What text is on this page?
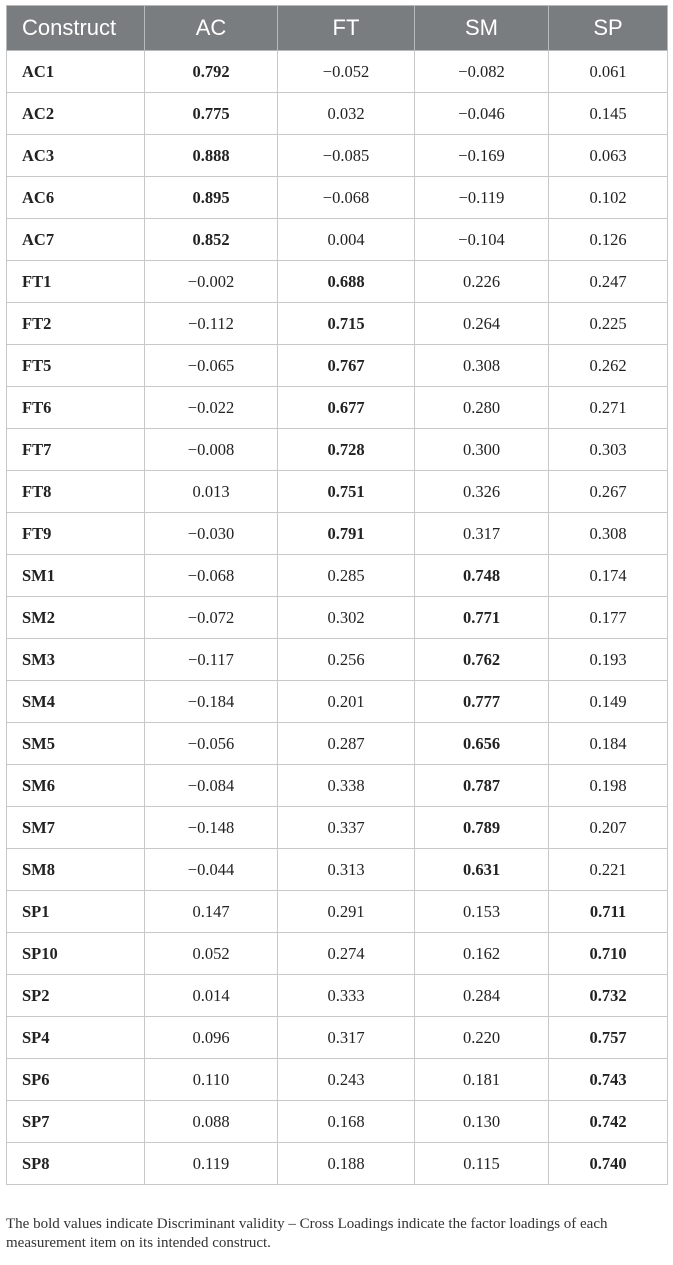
Construct	AC	FT	SM	SP
AC1	0.792	−0.052	−0.082	0.061
AC2	0.775	0.032	−0.046	0.145
AC3	0.888	−0.085	−0.169	0.063
AC6	0.895	−0.068	−0.119	0.102
AC7	0.852	0.004	−0.104	0.126
FT1	−0.002	0.688	0.226	0.247
FT2	−0.112	0.715	0.264	0.225
FT5	−0.065	0.767	0.308	0.262
FT6	−0.022	0.677	0.280	0.271
FT7	−0.008	0.728	0.300	0.303
FT8	0.013	0.751	0.326	0.267
FT9	−0.030	0.791	0.317	0.308
SM1	−0.068	0.285	0.748	0.174
SM2	−0.072	0.302	0.771	0.177
SM3	−0.117	0.256	0.762	0.193
SM4	−0.184	0.201	0.777	0.149
SM5	−0.056	0.287	0.656	0.184
SM6	−0.084	0.338	0.787	0.198
SM7	−0.148	0.337	0.789	0.207
SM8	−0.044	0.313	0.631	0.221
SP1	0.147	0.291	0.153	0.711
SP10	0.052	0.274	0.162	0.710
SP2	0.014	0.333	0.284	0.732
SP4	0.096	0.317	0.220	0.757
SP6	0.110	0.243	0.181	0.743
SP7	0.088	0.168	0.130	0.742
SP8	0.119	0.188	0.115	0.740

The bold values indicate Discriminant validity – Cross Loadings indicate the factor loadings of each measurement item on its intended construct.
